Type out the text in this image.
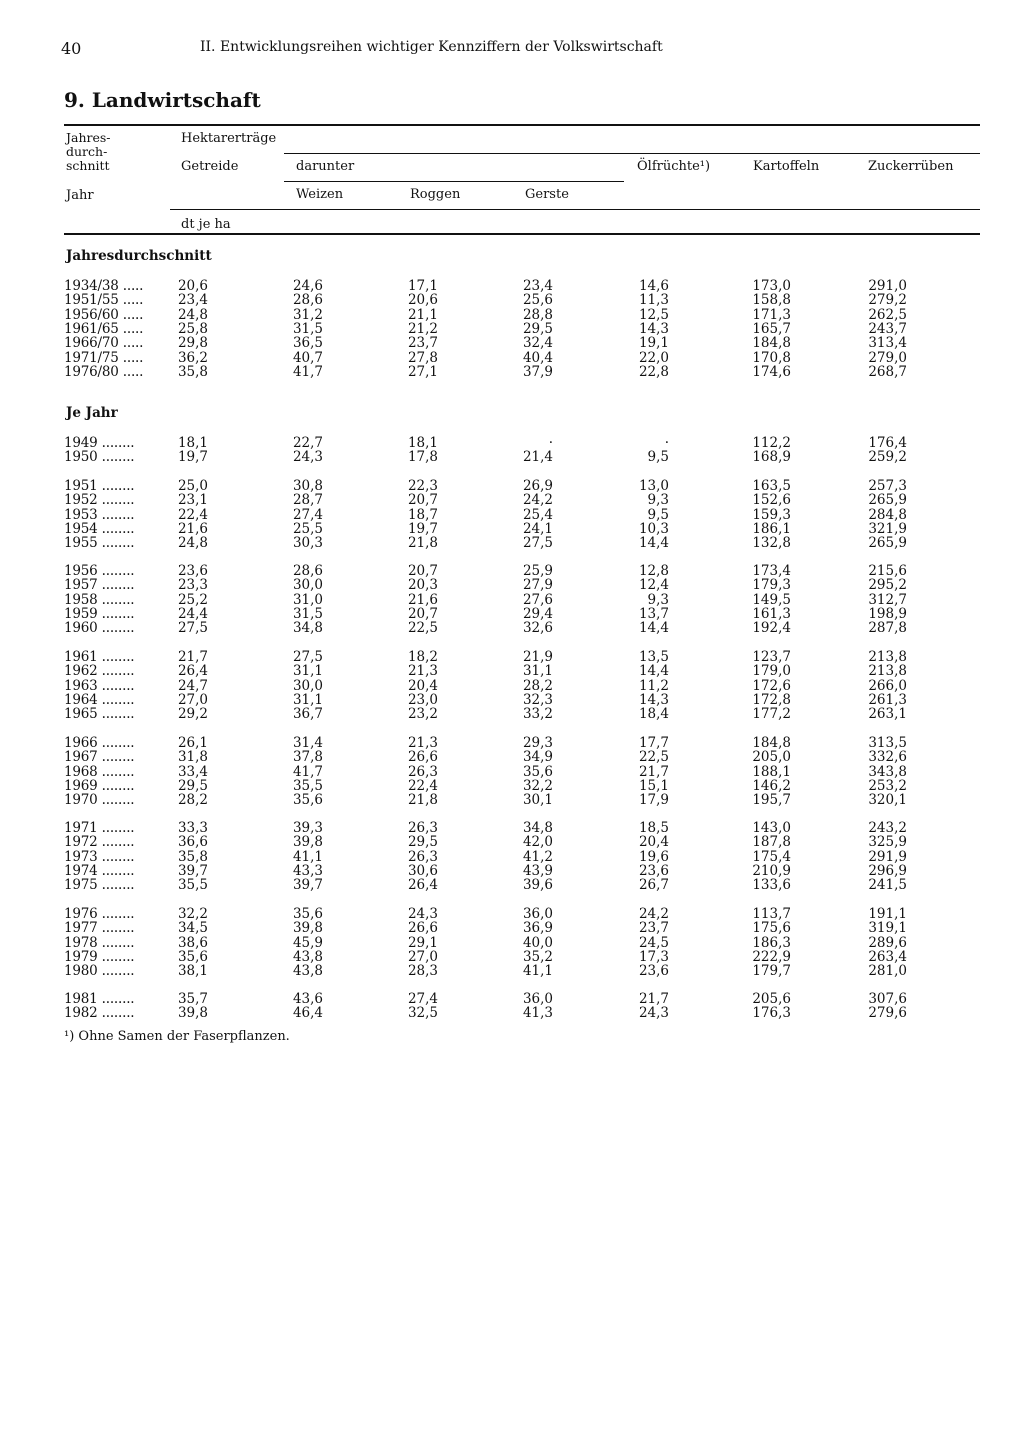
40	II. Entwicklungsreihen wichtiger Kennziffern der Volkswirtschaft
9. Landwirtschaft
Jahres-
durch-
schnitt
Jahr
Hektarerträge
Getreide	darunter
Weizen	Roggen	Gerste
Ölfrüchte¹)	Kartoffeln	Zuckerrüben
dt je ha
Jahresdurchschnitt
Je Jahr
1934/38 .....	20,6	24,6	17,1	23,4	14,6	173,0	291,0
1951/55 .....	23,4	28,6	20,6	25,6	11,3	158,8	279,2
1956/60 .....	24,8	31,2	21,1	28,8	12,5	171,3	262,5
1961/65 .....	25,8	31,5	21,2	29,5	14,3	165,7	243,7
1966/70 .....	29,8	36,5	23,7	32,4	19,1	184,8	313,4
1971/75 .....	36,2	40,7	27,8	40,4	22,0	170,8	279,0
1976/80 .....	35,8	41,7	27,1	37,9	22,8	174,6	268,7
1949 ........	18,1	22,7	18,1	·	·	112,2	176,4
1950 ........	19,7	24,3	17,8	21,4	9,5	168,9	259,2
1951 ........	25,0	30,8	22,3	26,9	13,0	163,5	257,3
1952 ........	23,1	28,7	20,7	24,2	9,3	152,6	265,9
1953 ........	22,4	27,4	18,7	25,4	9,5	159,3	284,8
1954 ........	21,6	25,5	19,7	24,1	10,3	186,1	321,9
1955 ........	24,8	30,3	21,8	27,5	14,4	132,8	265,9
1956 ........	23,6	28,6	20,7	25,9	12,8	173,4	215,6
1957 ........	23,3	30,0	20,3	27,9	12,4	179,3	295,2
1958 ........	25,2	31,0	21,6	27,6	9,3	149,5	312,7
1959 ........	24,4	31,5	20,7	29,4	13,7	161,3	198,9
1960 ........	27,5	34,8	22,5	32,6	14,4	192,4	287,8
1961 ........	21,7	27,5	18,2	21,9	13,5	123,7	213,8
1962 ........	26,4	31,1	21,3	31,1	14,4	179,0	213,8
1963 ........	24,7	30,0	20,4	28,2	11,2	172,6	266,0
1964 ........	27,0	31,1	23,0	32,3	14,3	172,8	261,3
1965 ........	29,2	36,7	23,2	33,2	18,4	177,2	263,1
1966 ........	26,1	31,4	21,3	29,3	17,7	184,8	313,5
1967 ........	31,8	37,8	26,6	34,9	22,5	205,0	332,6
1968 ........	33,4	41,7	26,3	35,6	21,7	188,1	343,8
1969 ........	29,5	35,5	22,4	32,2	15,1	146,2	253,2
1970 ........	28,2	35,6	21,8	30,1	17,9	195,7	320,1
1971 ........	33,3	39,3	26,3	34,8	18,5	143,0	243,2
1972 ........	36,6	39,8	29,5	42,0	20,4	187,8	325,9
1973 ........	35,8	41,1	26,3	41,2	19,6	175,4	291,9
1974 ........	39,7	43,3	30,6	43,9	23,6	210,9	296,9
1975 ........	35,5	39,7	26,4	39,6	26,7	133,6	241,5
1976 ........	32,2	35,6	24,3	36,0	24,2	113,7	191,1
1977 ........	34,5	39,8	26,6	36,9	23,7	175,6	319,1
1978 ........	38,6	45,9	29,1	40,0	24,5	186,3	289,6
1979 ........	35,6	43,8	27,0	35,2	17,3	222,9	263,4
1980 ........	38,1	43,8	28,3	41,1	23,6	179,7	281,0
1981 ........	35,7	43,6	27,4	36,0	21,7	205,6	307,6
1982 ........	39,8	46,4	32,5	41,3	24,3	176,3	279,6
¹) Ohne Samen der Faserpflanzen.
